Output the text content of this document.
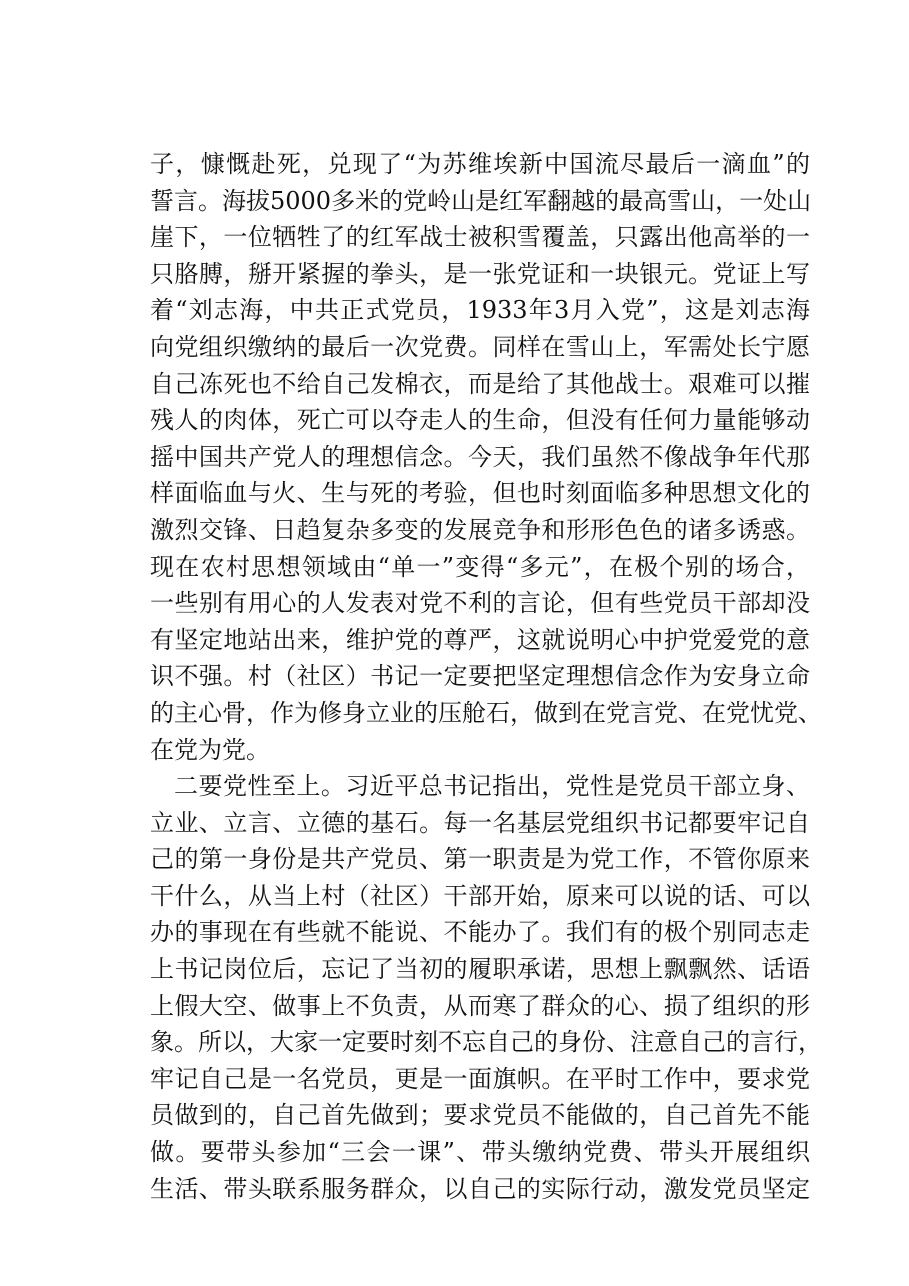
子，慷慨赴死，兑现了“为苏维埃新中国流尽最后一滴血”的
誓言。海拔5000多米的党岭山是红军翻越的最高雪山，一处山
崖下，一位牺牲了的红军战士被积雪覆盖，只露出他高举的一
只胳膊，掰开紧握的拳头，是一张党证和一块银元。党证上写
着“刘志海，中共正式党员，1933年3月入党”，这是刘志海
向党组织缴纳的最后一次党费。同样在雪山上，军需处长宁愿
自己冻死也不给自己发棉衣，而是给了其他战士。艰难可以摧
残人的肉体，死亡可以夺走人的生命，但没有任何力量能够动
摇中国共产党人的理想信念。今天，我们虽然不像战争年代那
样面临血与火、生与死的考验，但也时刻面临多种思想文化的
激烈交锋、日趋复杂多变的发展竞争和形形色色的诸多诱惑。
现在农村思想领域由“单一”变得“多元”，在极个别的场合，
一些别有用心的人发表对党不利的言论，但有些党员干部却没
有坚定地站出来，维护党的尊严，这就说明心中护党爱党的意
识不强。村（社区）书记一定要把坚定理想信念作为安身立命
的主心骨，作为修身立业的压舱石，做到在党言党、在党忧党、
在党为党。
二要党性至上。习近平总书记指出，党性是党员干部立身、
立业、立言、立德的基石。每一名基层党组织书记都要牢记自
己的第一身份是共产党员、第一职责是为党工作，不管你原来
干什么，从当上村（社区）干部开始，原来可以说的话、可以
办的事现在有些就不能说、不能办了。我们有的极个别同志走
上书记岗位后，忘记了当初的履职承诺，思想上飘飘然、话语
上假大空、做事上不负责，从而寒了群众的心、损了组织的形
象。所以，大家一定要时刻不忘自己的身份、注意自己的言行，
牢记自己是一名党员，更是一面旗帜。在平时工作中，要求党
员做到的，自己首先做到；要求党员不能做的，自己首先不能
做。要带头参加“三会一课”、带头缴纳党费、带头开展组织
生活、带头联系服务群众，以自己的实际行动，激发党员坚定
